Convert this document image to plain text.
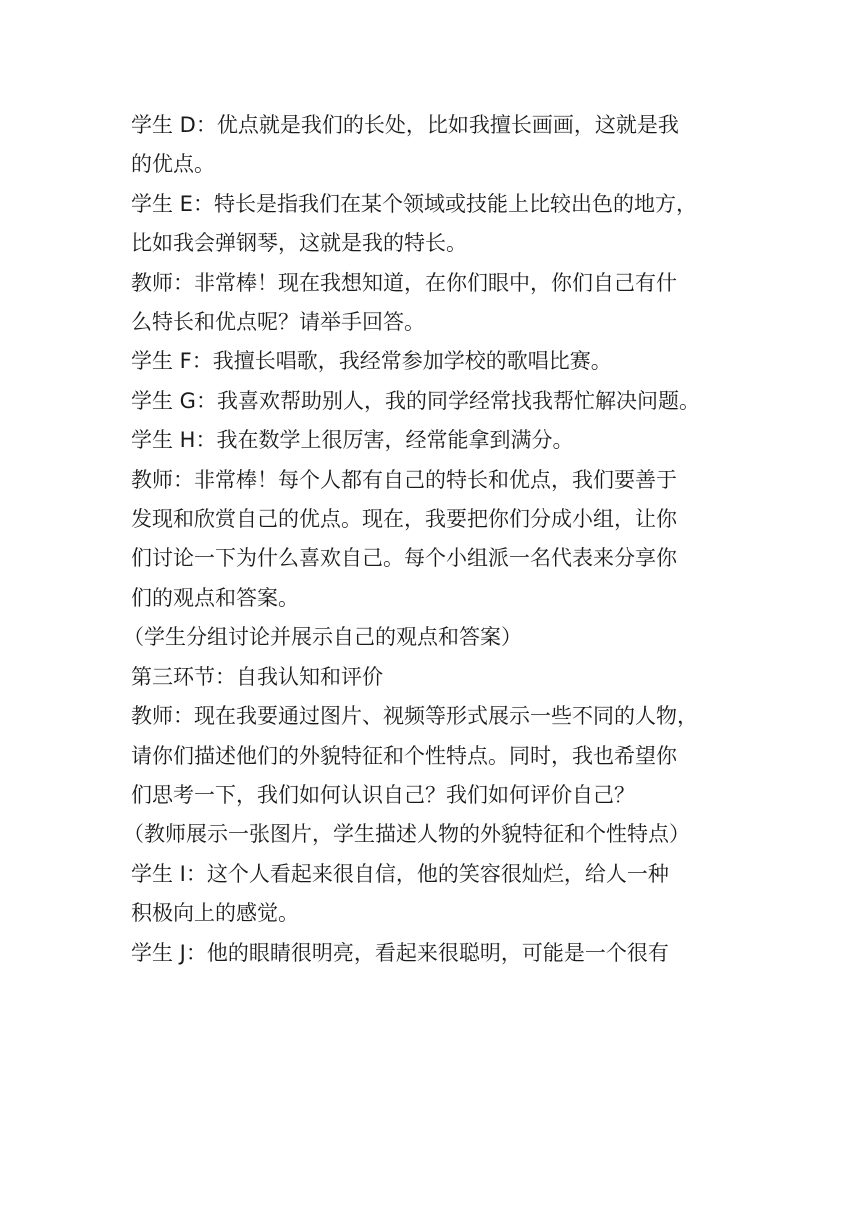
学生 D：优点就是我们的长处，比如我擅长画画，这就是我
的优点。

学生 E：特长是指我们在某个领域或技能上比较出色的地方，
比如我会弹钢琴，这就是我的特长。

教师：非常棒！现在我想知道，在你们眼中，你们自己有什
么特长和优点呢？请举手回答。

学生 F：我擅长唱歌，我经常参加学校的歌唱比赛。

学生 G：我喜欢帮助别人，我的同学经常找我帮忙解决问题。

学生 H：我在数学上很厉害，经常能拿到满分。

教师：非常棒！每个人都有自己的特长和优点，我们要善于
发现和欣赏自己的优点。现在，我要把你们分成小组，让你
们讨论一下为什么喜欢自己。每个小组派一名代表来分享你
们的观点和答案。

（学生分组讨论并展示自己的观点和答案）

第三环节：自我认知和评价

教师：现在我要通过图片、视频等形式展示一些不同的人物，
请你们描述他们的外貌特征和个性特点。同时，我也希望你
们思考一下，我们如何认识自己？我们如何评价自己？

（教师展示一张图片，学生描述人物的外貌特征和个性特点）

学生 I：这个人看起来很自信，他的笑容很灿烂，给人一种
积极向上的感觉。

学生 J：他的眼睛很明亮，看起来很聪明，可能是一个很有
